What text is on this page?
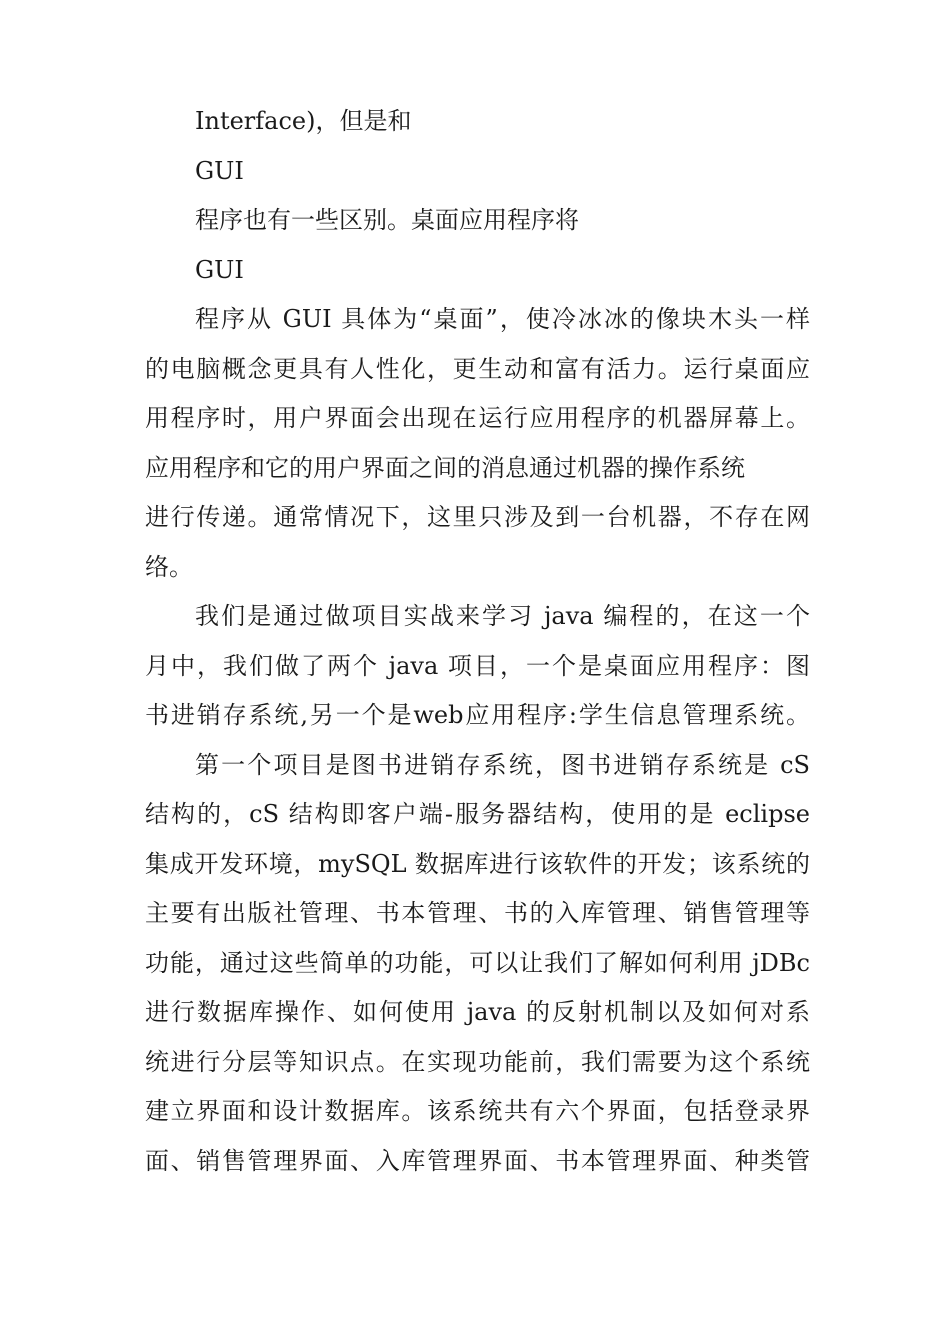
Interface)，但是和
GUI
程序也有一些区别。桌面应用程序将
GUI
程序从 GUI 具体为“桌面”，使冷冰冰的像块木头一样
的电脑概念更具有人性化，更生动和富有活力。运行桌面应
用程序时，用户界面会出现在运行应用程序的机器屏幕上。
应用程序和它的用户界面之间的消息通过机器的操作系统
进行传递。通常情况下，这里只涉及到一台机器，不存在网
络。
我们是通过做项目实战来学习 java 编程的，在这一个
月中，我们做了两个 java 项目，一个是桌面应用程序：图
书进销存系统,另一个是web应用程序:学生信息管理系统。
第一个项目是图书进销存系统，图书进销存系统是 cS
结构的，cS 结构即客户端-服务器结构，使用的是 eclipse
集成开发环境，mySQL 数据库进行该软件的开发；该系统的
主要有出版社管理、书本管理、书的入库管理、销售管理等
功能，通过这些简单的功能，可以让我们了解如何利用 jDBc
进行数据库操作、如何使用 java 的反射机制以及如何对系
统进行分层等知识点。在实现功能前，我们需要为这个系统
建立界面和设计数据库。该系统共有六个界面，包括登录界
面、销售管理界面、入库管理界面、书本管理界面、种类管
